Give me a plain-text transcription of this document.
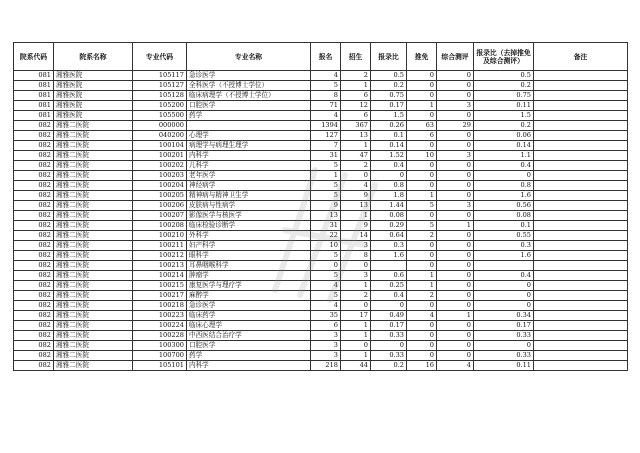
院系代码	院系名称	专业代码	专业名称	报名	招生	报录比	推免	综合测评	报录比（去掉推免及综合测评）	备注
081	湘雅医院	105117	急诊医学	4	2	0.5	0	0	0.5	
081	湘雅医院	105127	全科医学（不授博士学位）	5	1	0.2	0	0	0.2	
081	湘雅医院	105128	临床病理学（不授博士学位）	8	6	0.75	0	0	0.75	
081	湘雅医院	105200	口腔医学	71	12	0.17	1	3	0.11	
081	湘雅医院	105500	药学	4	6	1.5	0	0	1.5	
082	湘雅二医院	000000		1394	367	0.26	63	29	0.2	
082	湘雅二医院	040200	心理学	127	13	0.1	6	0	0.06	
082	湘雅二医院	100104	病理学与病理生理学	7	1	0.14	0	0	0.14	
082	湘雅二医院	100201	内科学	31	47	1.52	10	3	1.1	
082	湘雅二医院	100202	儿科学	5	2	0.4	0	0	0.4	
082	湘雅二医院	100203	老年医学	1	0	0	0	0	0	
082	湘雅二医院	100204	神经病学	5	4	0.8	0	0	0.8	
082	湘雅二医院	100205	精神病与精神卫生学	5	9	1.8	1	0	1.6	
082	湘雅二医院	100206	皮肤病与性病学	9	13	1.44	5	3	0.56	
082	湘雅二医院	100207	影像医学与核医学	13	1	0.08	0	0	0.08	
082	湘雅二医院	100208	临床检验诊断学	31	9	0.29	5	1	0.1	
082	湘雅二医院	100210	外科学	22	14	0.64	2	0	0.55	
082	湘雅二医院	100211	妇产科学	10	3	0.3	0	0	0.3	
082	湘雅二医院	100212	眼科学	5	8	1.6	0	0	1.6	
082	湘雅二医院	100213	耳鼻咽喉科学	0	0		0	0		
082	湘雅二医院	100214	肿瘤学	5	3	0.6	1	0	0.4	
082	湘雅二医院	100215	康复医学与理疗学	4	1	0.25	1	0	0	
082	湘雅二医院	100217	麻醉学	5	2	0.4	2	0	0	
082	湘雅二医院	100218	急诊医学	4	0	0	0	0	0	
082	湘雅二医院	100223	临床药学	35	17	0.49	4	1	0.34	
082	湘雅二医院	100224	临床心理学	6	1	0.17	0	0	0.17	
082	湘雅二医院	100228	中西医结合治疗学	3	1	0.33	0	0	0.33	
082	湘雅二医院	100300	口腔医学	3	0	0	0	0	0	
082	湘雅二医院	100700	药学	3	1	0.33	0	0	0.33	
082	湘雅二医院	105101	内科学	218	44	0.2	16	4	0.11	
